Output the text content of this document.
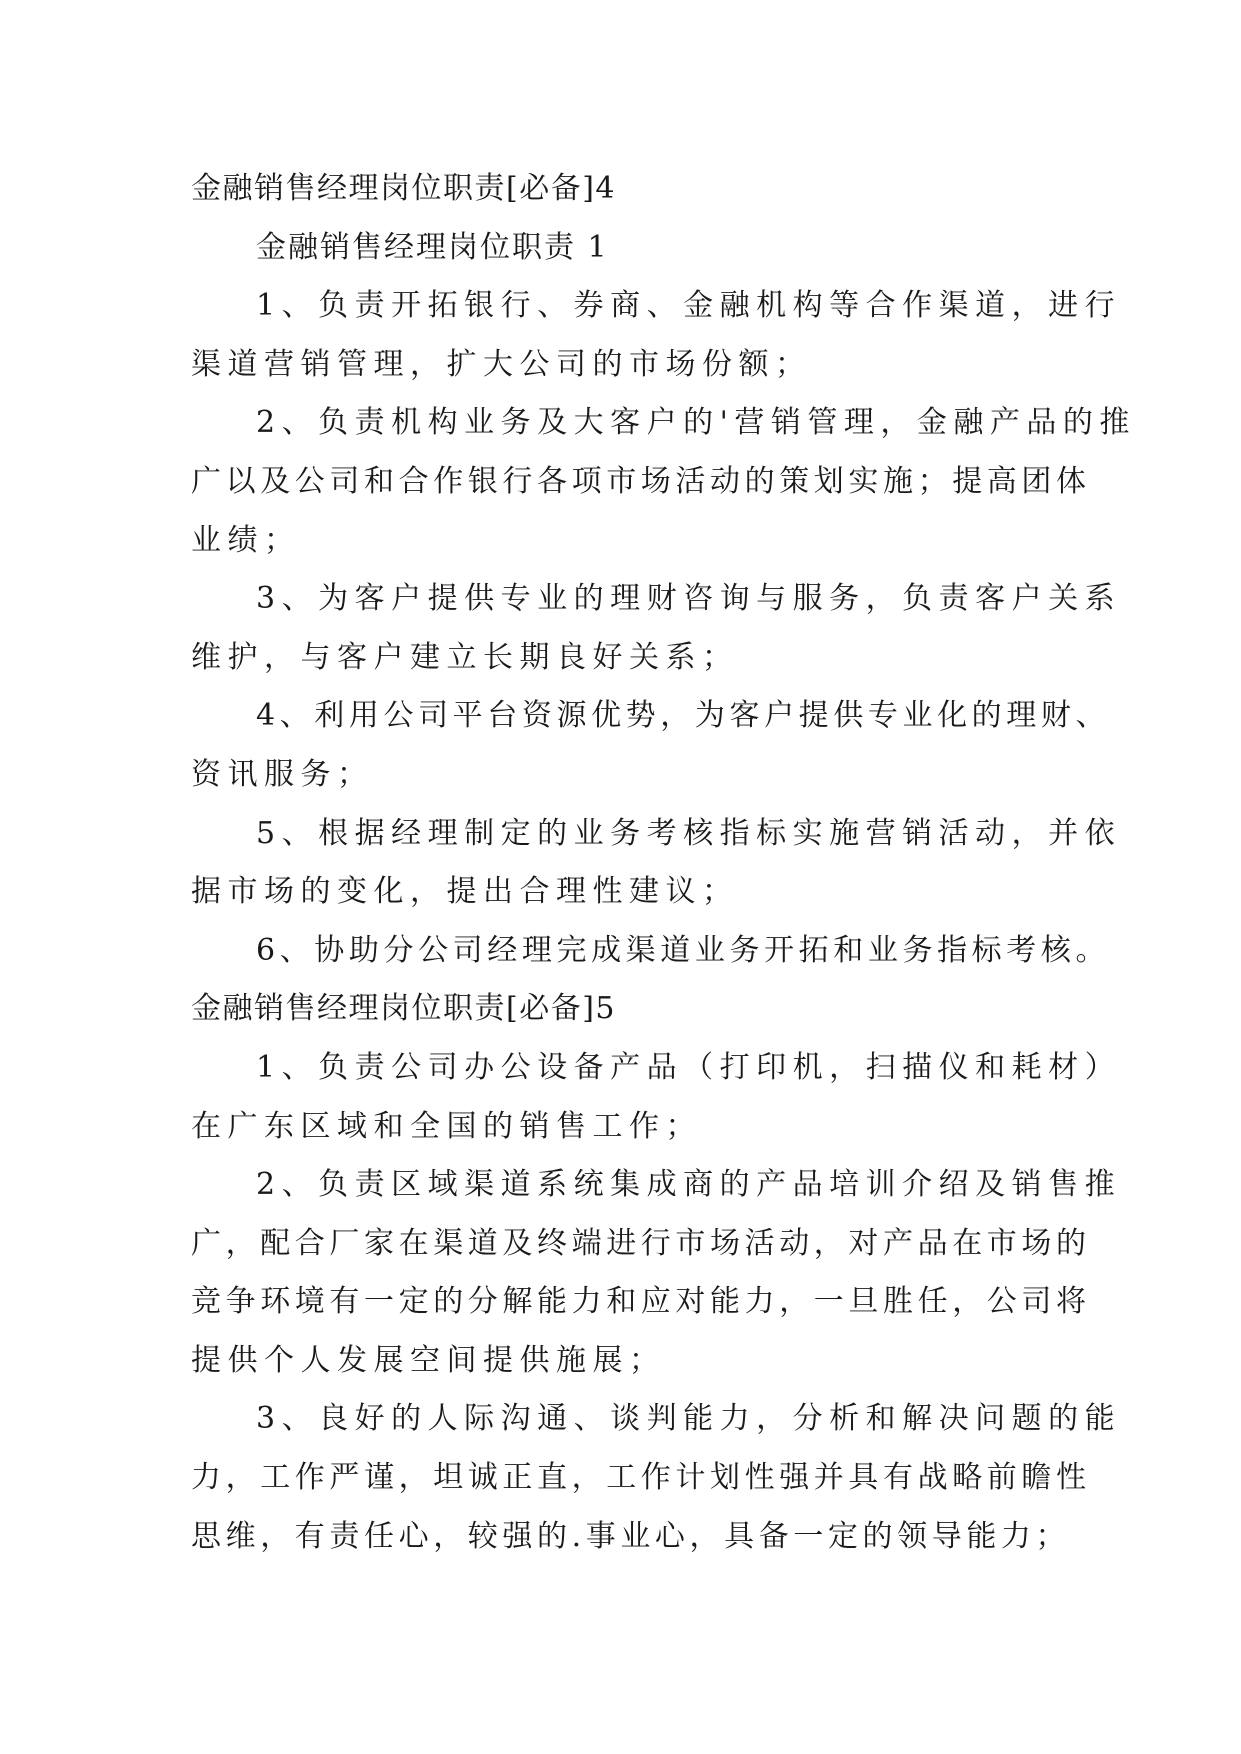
金融销售经理岗位职责[必备]4

金融销售经理岗位职责 1

1、负责开拓银行、券商、金融机构等合作渠道，进行

渠道营销管理，扩大公司的市场份额；

2、负责机构业务及大客户的'营销管理，金融产品的推

广以及公司和合作银行各项市场活动的策划实施；提高团体

业绩；

3、为客户提供专业的理财咨询与服务，负责客户关系

维护，与客户建立长期良好关系；

4、利用公司平台资源优势，为客户提供专业化的理财、

资讯服务；

5、根据经理制定的业务考核指标实施营销活动，并依

据市场的变化，提出合理性建议；

6、协助分公司经理完成渠道业务开拓和业务指标考核。

金融销售经理岗位职责[必备]5

1、负责公司办公设备产品（打印机，扫描仪和耗材）

在广东区域和全国的销售工作；

2、负责区域渠道系统集成商的产品培训介绍及销售推

广，配合厂家在渠道及终端进行市场活动，对产品在市场的

竞争环境有一定的分解能力和应对能力，一旦胜任，公司将

提供个人发展空间提供施展；

3、良好的人际沟通、谈判能力，分析和解决问题的能

力，工作严谨，坦诚正直，工作计划性强并具有战略前瞻性

思维，有责任心，较强的.事业心，具备一定的领导能力；
